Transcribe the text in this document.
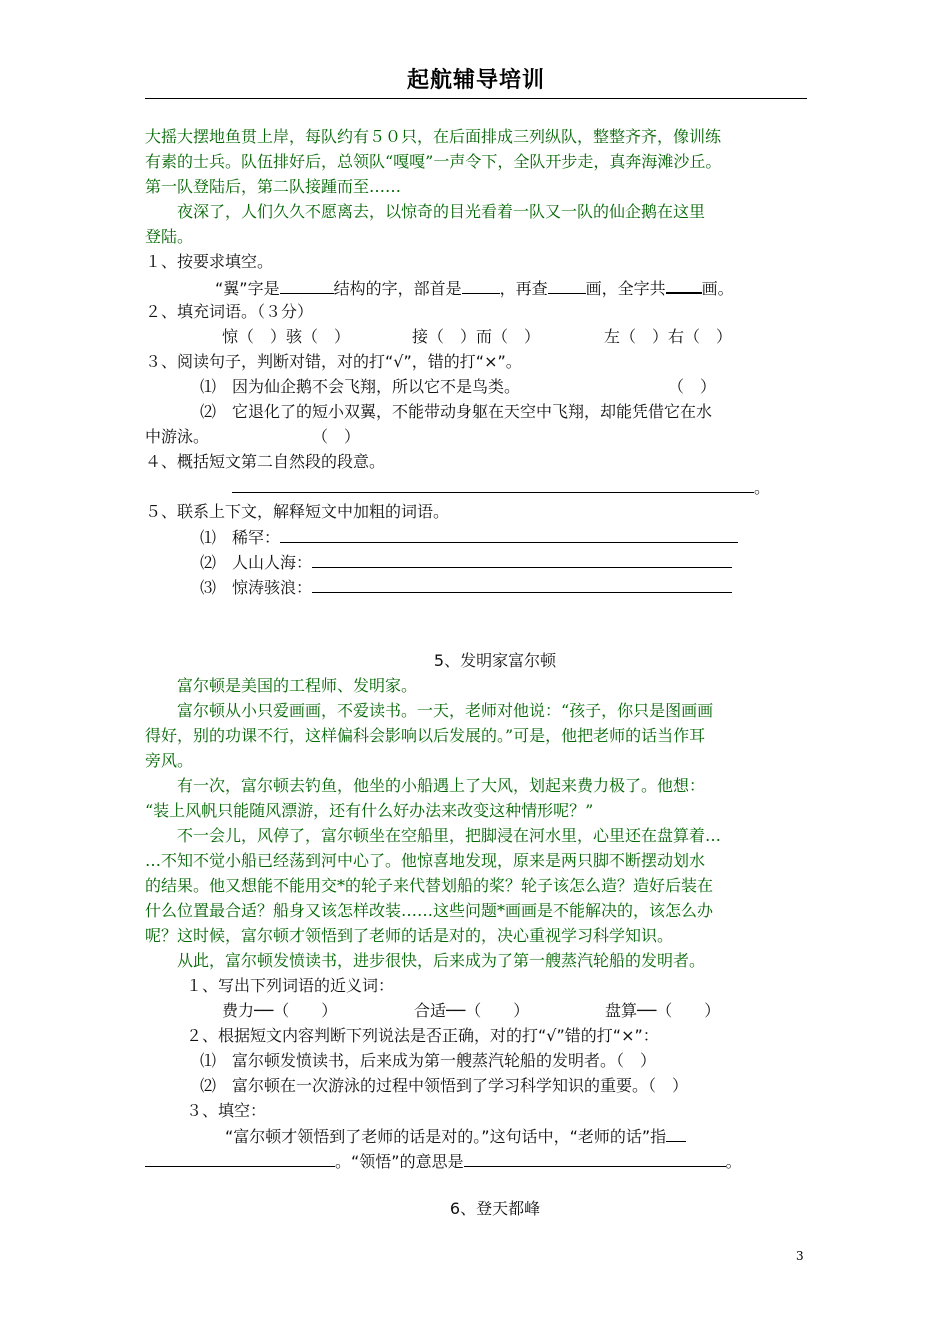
起航辅导培训
大摇大摆地鱼贯上岸，每队约有５０只，在后面排成三列纵队，整整齐齐，像训练
有素的士兵。队伍排好后，总领队“嘎嘎”一声令下，全队开步走，真奔海滩沙丘。
第一队登陆后，第二队接踵而至……
　　夜深了，人们久久不愿离去，以惊奇的目光看着一队又一队的仙企鹅在这里
登陆。
１、按要求填空。
“翼”字是	结构的字，部首是 ，再查 画，全字共 画。
２、填充词语。（３分）
惊（　）骇（　）	接（　）而（　）	左（　）右（　）
３、阅读句子，判断对错，对的打“√”，错的打“×”。
⑴　因为仙企鹅不会飞翔，所以它不是鸟类。	（　）
⑵　它退化了的短小双翼，不能带动身躯在天空中飞翔，却能凭借它在水
中游泳。	（　）
４、概括短文第二自然段的段意。
。
５、联系上下文，解释短文中加粗的词语。
⑴　稀罕：
⑵　人山人海：
⑶　惊涛骇浪：
5、发明家富尔顿
　　富尔顿是美国的工程师、发明家。
　　富尔顿从小只爱画画，不爱读书。一天，老师对他说：“孩子，你只是图画画
得好，别的功课不行，这样偏科会影响以后发展的。”可是，他把老师的话当作耳
旁风。
　　有一次，富尔顿去钓鱼，他坐的小船遇上了大风，划起来费力极了。他想：
“装上风帆只能随风漂游，还有什么好办法来改变这种情形呢？”
　　不一会儿，风停了，富尔顿坐在空船里，把脚浸在河水里，心里还在盘算着…
…不知不觉小船已经荡到河中心了。他惊喜地发现，原来是两只脚不断摆动划水
的结果。他又想能不能用交*的轮子来代替划船的桨？轮子该怎么造？造好后装在
什么位置最合适？船身又该怎样改装……这些问题*画画是不能解决的，该怎么办
呢？这时候，富尔顿才领悟到了老师的话是对的，决心重视学习科学知识。
　　从此，富尔顿发愤读书，进步很快，后来成为了第一艘蒸汽轮船的发明者。
１、写出下列词语的近义词：
费力──（　　）	合适──（　　）	盘算──（　　）
２、根据短文内容判断下列说法是否正确，对的打“√”错的打“×”：
⑴　富尔顿发愤读书，后来成为第一艘蒸汽轮船的发明者。（　）
⑵　富尔顿在一次游泳的过程中领悟到了学习科学知识的重要。（　）
３、填空：
“富尔顿才领悟到了老师的话是对的。”这句话中，“老师的话”指
。“领悟”的意思是	。
6、登天都峰
3
